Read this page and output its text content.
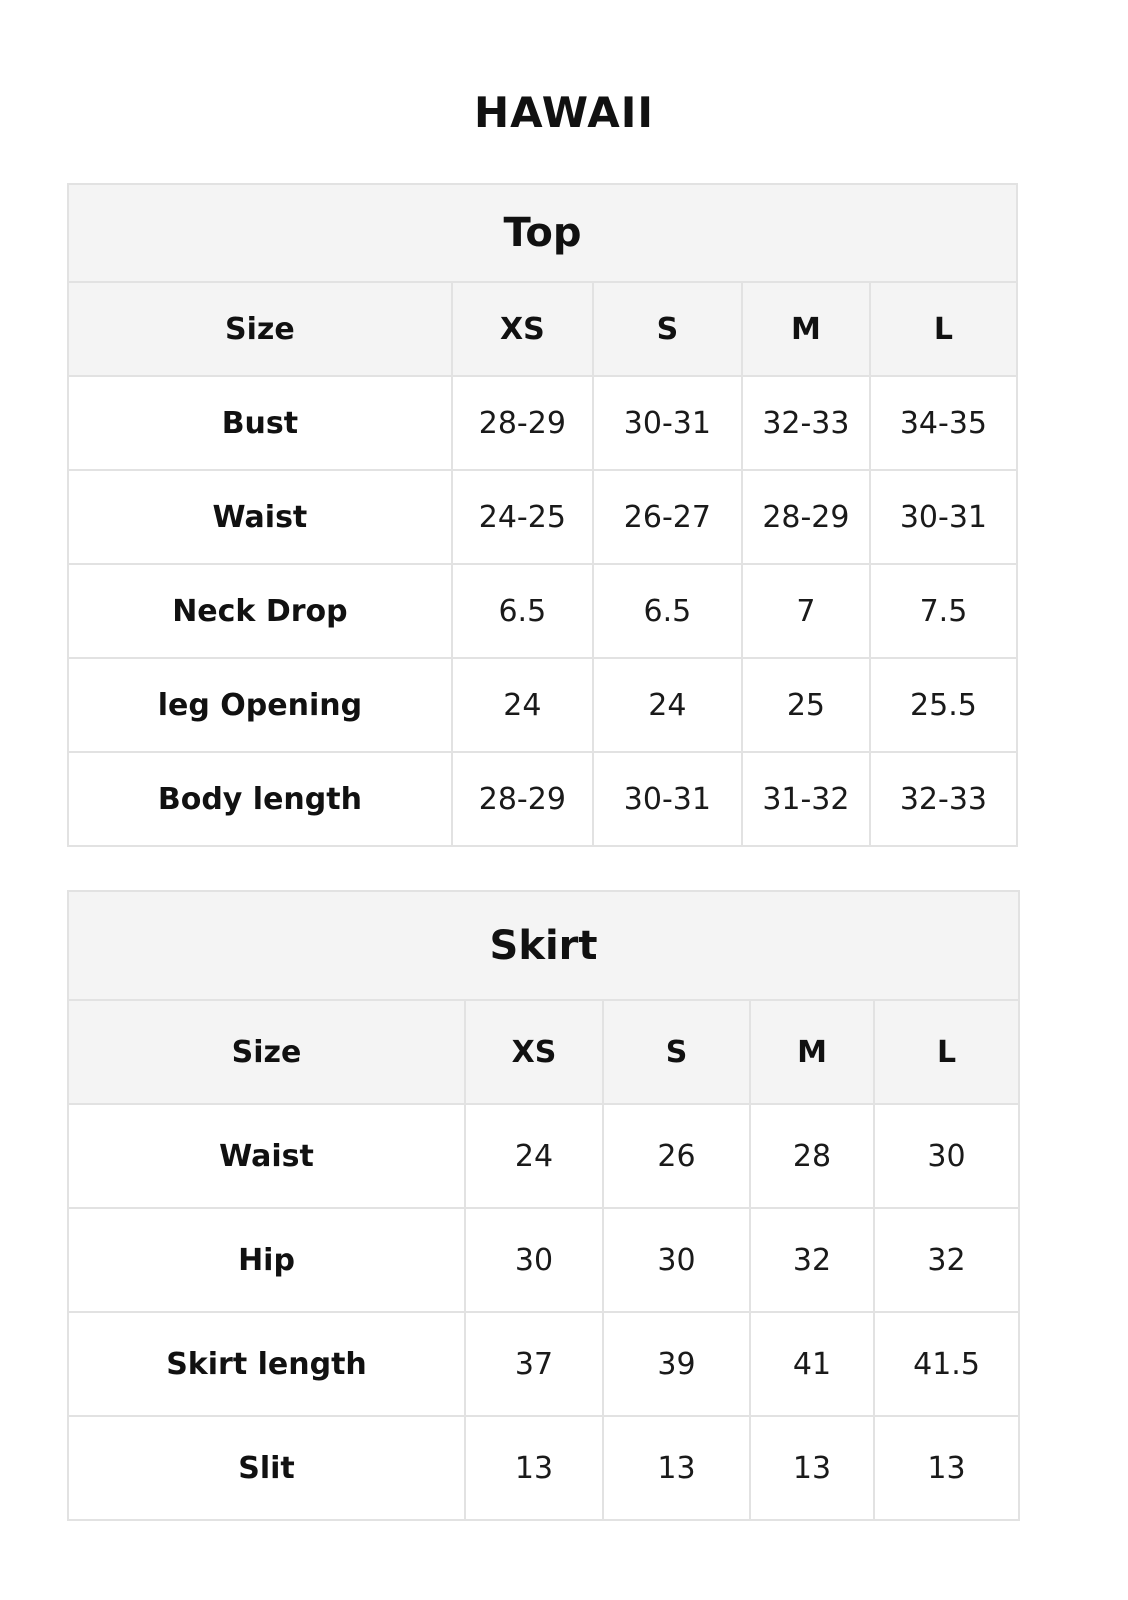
HAWAII
Top				
Size	XS	S	M	L
Bust	28-29	30-31	32-33	34-35
Waist	24-25	26-27	28-29	30-31
Neck Drop	6.5	6.5	7	7.5
leg Opening	24	24	25	25.5
Body length	28-29	30-31	31-32	32-33
Skirt				
Size	XS	S	M	L
Waist	24	26	28	30
Hip	30	30	32	32
Skirt length	37	39	41	41.5
Slit	13	13	13	13
